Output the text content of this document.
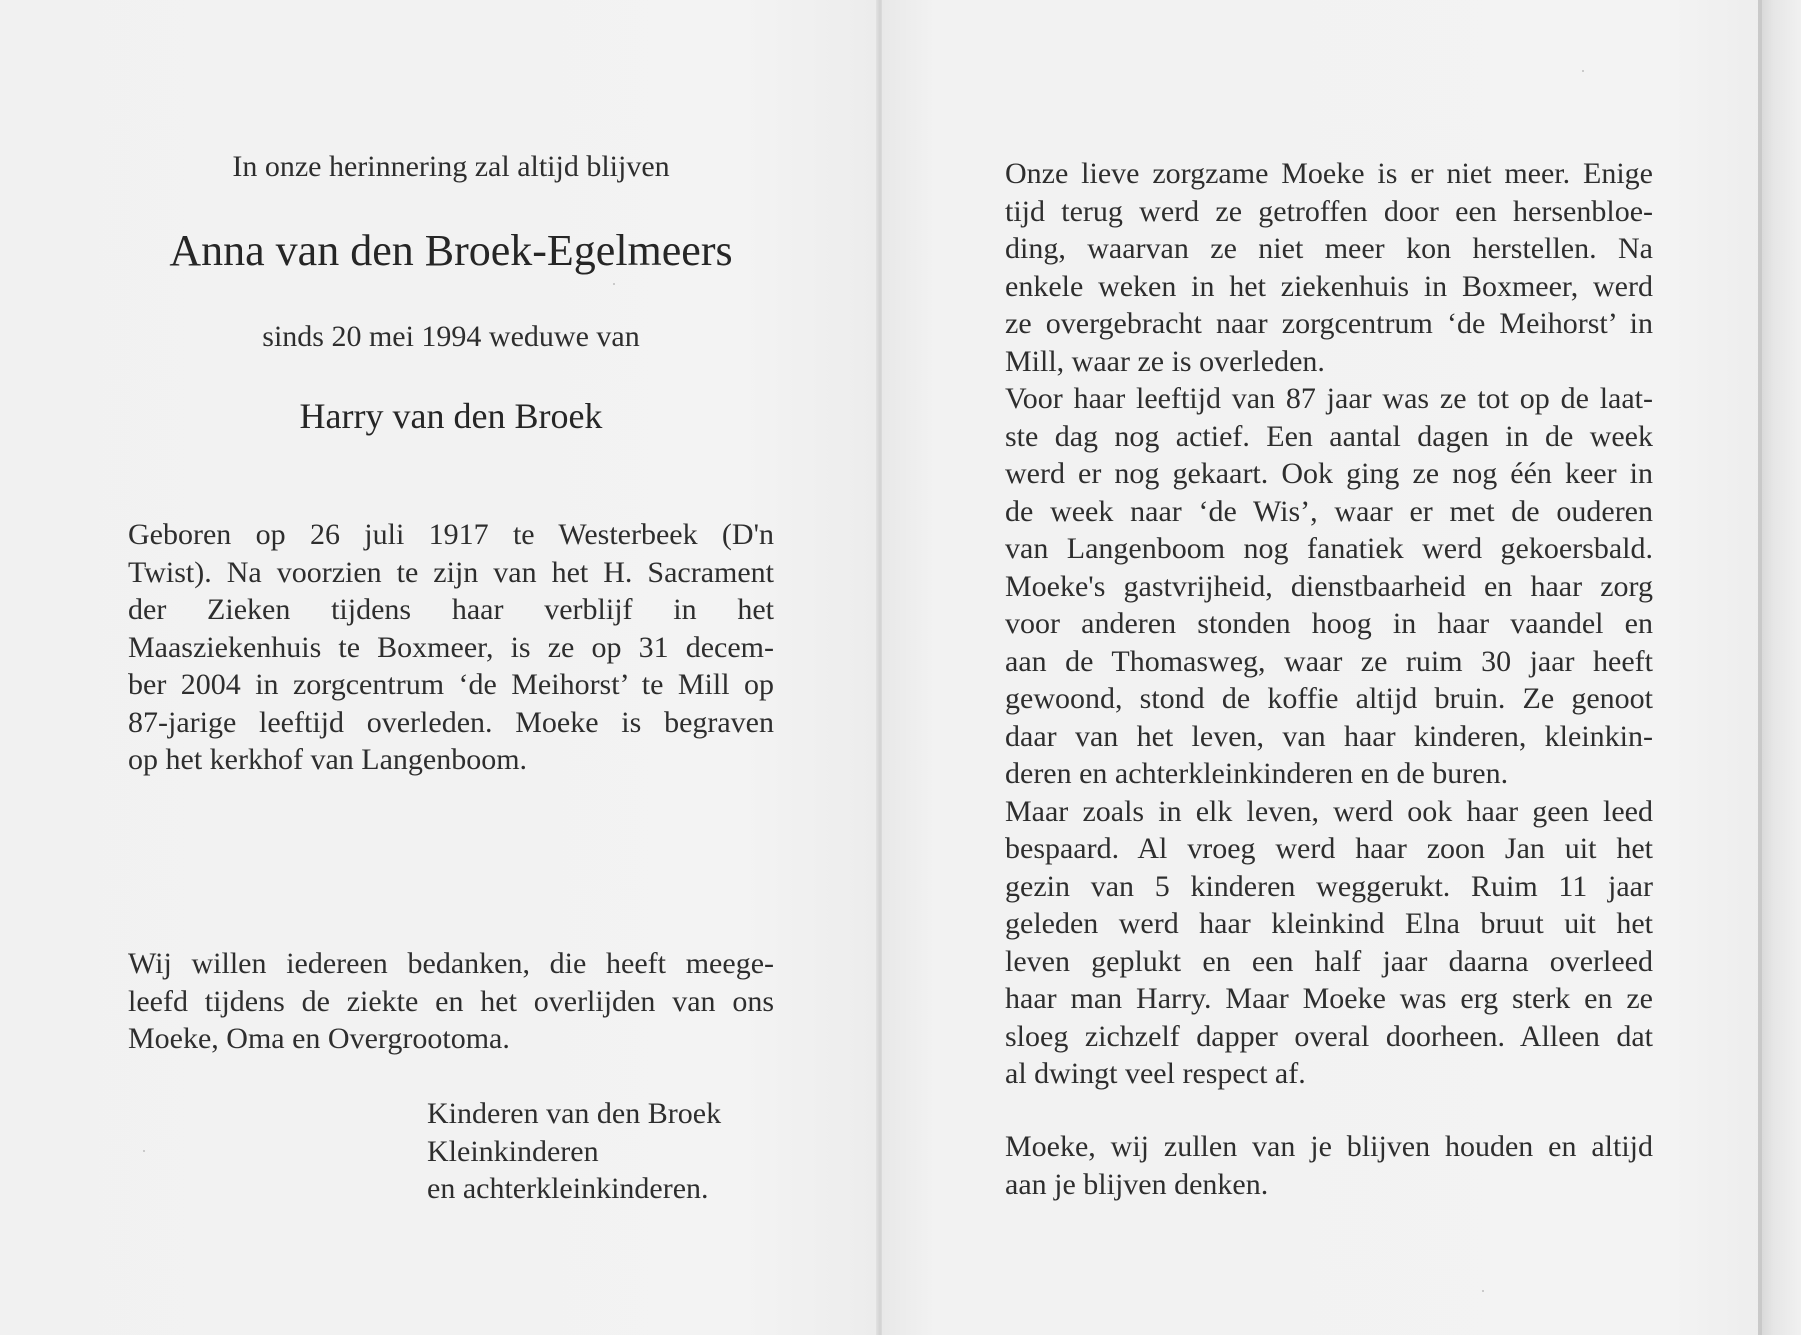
In onze herinnering zal altijd blijven
Anna van den Broek-Egelmeers
sinds 20 mei 1994 weduwe van
Harry van den Broek
Geboren op 26 juli 1917 te Westerbeek (D'n
Twist). Na voorzien te zijn van het H. Sacrament
der Zieken tijdens haar verblijf in het
Maasziekenhuis te Boxmeer, is ze op 31 decem-
ber 2004 in zorgcentrum ‘de Meihorst’ te Mill op
87-jarige leeftijd overleden. Moeke is begraven
op het kerkhof van Langenboom.
Wij willen iedereen bedanken, die heeft meege-
leefd tijdens de ziekte en het overlijden van ons
Moeke, Oma en Overgrootoma.
Kinderen van den Broek
Kleinkinderen
en achterkleinkinderen.
Onze lieve zorgzame Moeke is er niet meer. Enige
tijd terug werd ze getroffen door een hersenbloe-
ding, waarvan ze niet meer kon herstellen. Na
enkele weken in het ziekenhuis in Boxmeer, werd
ze overgebracht naar zorgcentrum ‘de Meihorst’ in
Mill, waar ze is overleden.
Voor haar leeftijd van 87 jaar was ze tot op de laat-
ste dag nog actief. Een aantal dagen in de week
werd er nog gekaart. Ook ging ze nog één keer in
de week naar ‘de Wis’, waar er met de ouderen
van Langenboom nog fanatiek werd gekoersbald.
Moeke's gastvrijheid, dienstbaarheid en haar zorg
voor anderen stonden hoog in haar vaandel en
aan de Thomasweg, waar ze ruim 30 jaar heeft
gewoond, stond de koffie altijd bruin. Ze genoot
daar van het leven, van haar kinderen, kleinkin-
deren en achterkleinkinderen en de buren.
Maar zoals in elk leven, werd ook haar geen leed
bespaard. Al vroeg werd haar zoon Jan uit het
gezin van 5 kinderen weggerukt. Ruim 11 jaar
geleden werd haar kleinkind Elna bruut uit het
leven geplukt en een half jaar daarna overleed
haar man Harry. Maar Moeke was erg sterk en ze
sloeg zichzelf dapper overal doorheen. Alleen dat
al dwingt veel respect af.
Moeke, wij zullen van je blijven houden en altijd
aan je blijven denken.
